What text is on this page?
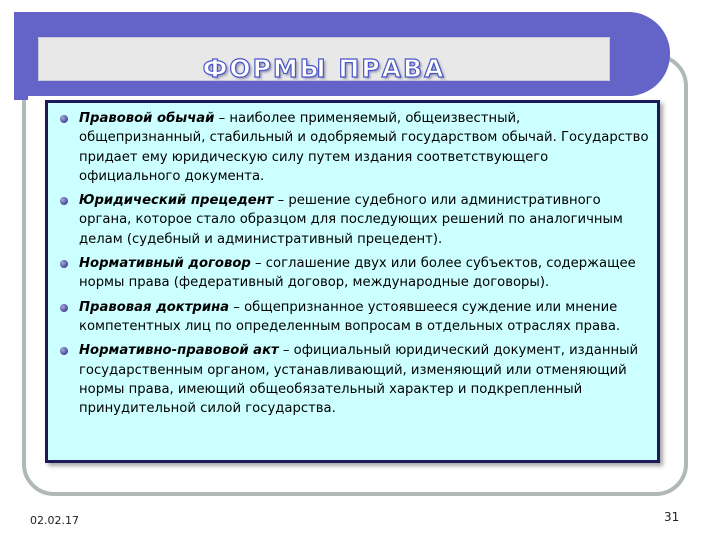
ФОРМЫ ПРАВА
Правовой обычай – наиболее применяемый, общеизвестный, общепризнанный, стабильный и одобряемый государством обычай. Государство придает ему юридическую силу путем издания соответствующего официального документа.
Юридический прецедент – решение судебного или административного органа, которое стало образцом для последующих решений по аналогичным делам (судебный и административный прецедент).
Нормативный договор – соглашение двух или более субъектов, содержащее нормы права (федеративный договор, международные договоры).
Правовая доктрина – общепризнанное устоявшееся суждение или мнение компетентных лиц по определенным вопросам в отдельных отраслях права.
Нормативно-правовой акт – официальный юридический документ, изданный государственным органом, устанавливающий, изменяющий или отменяющий нормы права, имеющий общеобязательный характер и подкрепленный принудительной силой государства.
02.02.17	31
